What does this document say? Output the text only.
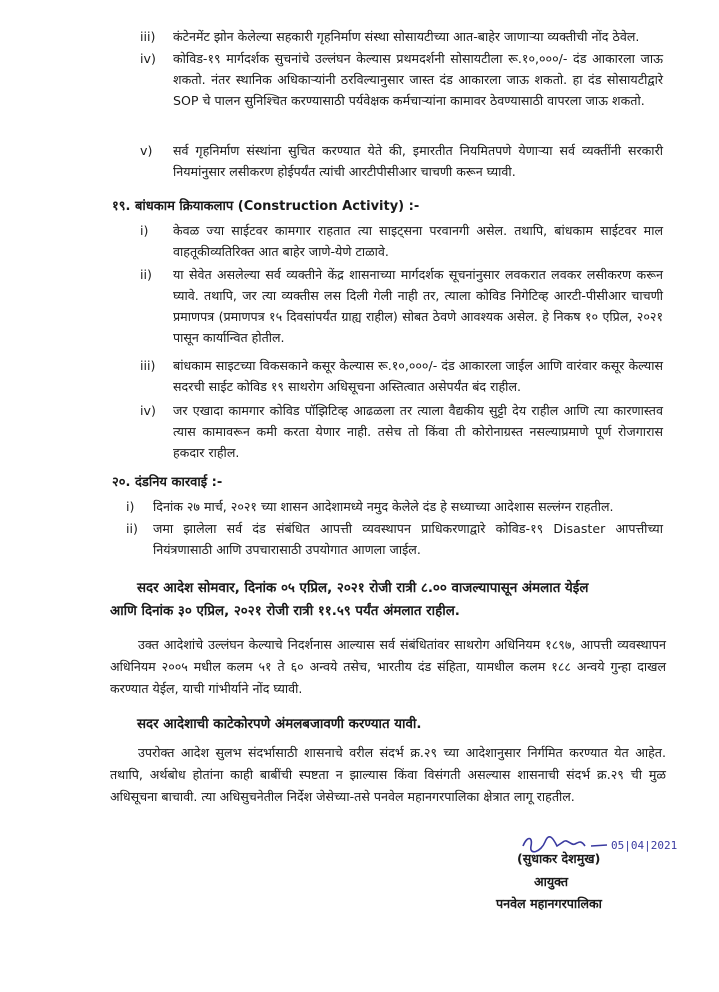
iii) कंटेनमेंट झोन केलेल्या सहकारी गृहनिर्माण संस्था सोसायटीच्या आत-बाहेर जाणाऱ्या व्यक्तीची नोंद ठेवेल.
iv) कोविड-१९ मार्गदर्शक सुचनांचे उल्लंघन केल्यास प्रथमदर्शनी सोसायटीला रू.१०,०००/- दंड आकारला जाऊ शकतो. नंतर स्थानिक अधिकाऱ्यांनी ठरविल्यानुसार जास्त दंड आकारला जाऊ शकतो. हा दंड सोसायटीद्वारे SOP चे पालन सुनिश्चित करण्यासाठी पर्यवेक्षक कर्मचाऱ्यांना कामावर ठेवण्यासाठी वापरला जाऊ शकतो.
v) सर्व गृहनिर्माण संस्थांना सुचित करण्यात येते की, इमारतीत नियमितपणे येणाऱ्या सर्व व्यक्तींनी सरकारी नियमांनुसार लसीकरण होईपर्यंत त्यांची आरटीपीसीआर चाचणी करून घ्यावी.
१९. बांधकाम क्रियाकलाप (Construction Activity) :-
i) केवळ ज्या साईटवर कामगार राहतात त्या साइट्सना परवानगी असेल. तथापि, बांधकाम साईटवर माल वाहतूकीव्यतिरिक्त आत बाहेर जाणे-येणे टाळावे.
ii) या सेवेत असलेल्या सर्व व्यक्तीने केंद्र शासनाच्या मार्गदर्शक सूचनांनुसार लवकरात लवकर लसीकरण करून घ्यावे. तथापि, जर त्या व्यक्तीस लस दिली गेली नाही तर, त्याला कोविड निगेटिव्ह आरटी-पीसीआर चाचणी प्रमाणपत्र (प्रमाणपत्र १५ दिवसांपर्यंत ग्राह्य राहील) सोबत ठेवणे आवश्यक असेल. हे निकष १० एप्रिल, २०२१ पासून कार्यान्वित होतील.
iii) बांधकाम साइटच्या विकसकाने कसूर केल्यास रू.१०,०००/- दंड आकारला जाईल आणि वारंवार कसूर केल्यास सदरची साईट कोविड १९ साथरोग अधिसूचना अस्तित्वात असेपर्यंत बंद राहील.
iv) जर एखादा कामगार कोविड पॉझिटिव्ह आढळला तर त्याला वैद्यकीय सुट्टी देय राहील आणि त्या कारणास्तव त्यास कामावरून कमी करता येणार नाही. तसेच तो किंवा ती कोरोनाग्रस्त नसल्याप्रमाणे पूर्ण रोजगारास हकदार राहील.
२०. दंडनिय कारवाई :-
i) दिनांक २७ मार्च, २०२१ च्या शासन आदेशामध्ये नमुद केलेले दंड हे सध्याच्या आदेशास सल्लंग्न राहतील.
ii) जमा झालेला सर्व दंड संबंधित आपत्ती व्यवस्थापन प्राधिकरणाद्वारे कोविड-१९ Disaster आपत्तीच्या नियंत्रणासाठी आणि उपचारासाठी उपयोगात आणला जाईल.
सदर आदेश सोमवार, दिनांक ०५ एप्रिल, २०२१ रोजी रात्री ८.०० वाजल्यापासून अंमलात येईल
आणि दिनांक ३० एप्रिल, २०२१ रोजी रात्री ११.५९ पर्यंत अंमलात राहील.
उक्त आदेशांचे उल्लंघन केल्याचे निदर्शनास आल्यास सर्व संबंधितांवर साथरोग अधिनियम १८९७, आपत्ती व्यवस्थापन अधिनियम २००५ मधील कलम ५१ ते ६० अन्वये तसेच, भारतीय दंड संहिता, यामधील कलम १८८ अन्वये गुन्हा दाखल करण्यात येईल, याची गांभीर्याने नोंद घ्यावी.
सदर आदेशाची काटेकोरपणे अंमलबजावणी करण्यात यावी.
उपरोक्त आदेश सुलभ संदर्भासाठी शासनाचे वरील संदर्भ क्र.२९ च्या आदेशानुसार निर्गमित करण्यात येत आहेत. तथापि, अर्थबोध होतांना काही बाबींची स्पष्टता न झाल्यास किंवा विसंगती असल्यास शासनाची संदर्भ क्र.२९ ची मुळ अधिसूचना बाचावी. त्या अधिसुचनेतील निर्देश जेसेच्या-तसे पनवेल महानगरपालिका क्षेत्रात लागू राहतील.
05|04|2021
(सुधाकर देशमुख)
आयुक्त
पनवेल महानगरपालिका
